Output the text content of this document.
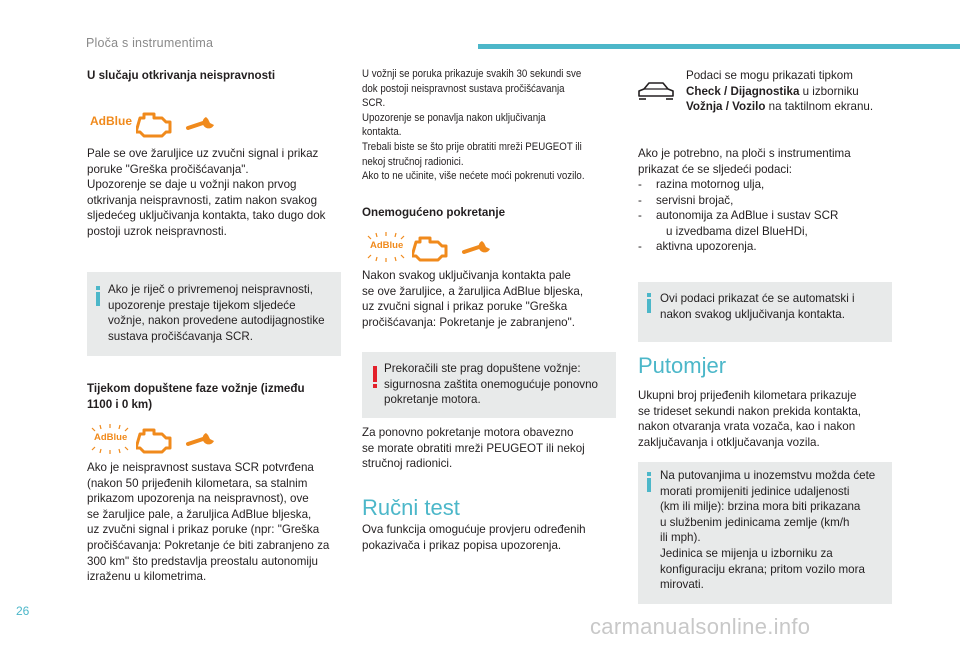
Ploča s instrumentima
U slučaju otkrivanja neispravnosti
AdBlue
Pale se ove žaruljice uz zvučni signal i prikaz
poruke "Greška pročišćavanja".
Upozorenje se daje u vožnji nakon prvog
otkrivanja neispravnosti, zatim nakon svakog
sljedećeg uključivanja kontakta, tako dugo dok
postoji uzrok neispravnosti.
Ako je riječ o privremenoj neispravnosti,
upozorenje prestaje tijekom sljedeće
vožnje, nakon provedene autodijagnostike
sustava pročišćavanja SCR.
Tijekom dopuštene faze vožnje (između
1100 i 0 km)
AdBlue
Ako je neispravnost sustava SCR potvrđena
(nakon 50 prijeđenih kilometara, sa stalnim
prikazom upozorenja na neispravnost), ove
se žaruljice pale, a žaruljica AdBlue bljeska,
uz zvučni signal i prikaz poruke (npr: "Greška
pročišćavanja: Pokretanje će biti zabranjeno za
300 km" što predstavlja preostalu autonomiju
izraženu u kilometrima.
U vožnji se poruka prikazuje svakih 30 sekundi sve
dok postoji neispravnost sustava pročišćavanja
SCR.
Upozorenje se ponavlja nakon uključivanja
kontakta.
Trebali biste se što prije obratiti mreži PEUGEOT ili
nekoj stručnoj radionici.
Ako to ne učinite, više nećete moći pokrenuti vozilo.
Onemogućeno pokretanje
AdBlue
Nakon svakog uključivanja kontakta pale
se ove žaruljice, a žaruljica AdBlue bljeska,
uz zvučni signal i prikaz poruke "Greška
pročišćavanja: Pokretanje je zabranjeno".
Prekoračili ste prag dopuštene vožnje:
sigurnosna zaštita onemogućuje ponovno
pokretanje motora.
Za ponovno pokretanje motora obavezno
se morate obratiti mreži PEUGEOT ili nekoj
stručnoj radionici.
Ručni test
Ova funkcija omogućuje provjeru određenih
pokazivača i prikaz popisa upozorenja.
Podaci se mogu prikazati tipkom
Check / Dijagnostika u izborniku
Vožnja / Vozilo na taktilnom ekranu.
Ako je potrebno, na ploči s instrumentima
prikazat će se sljedeći podaci:
- razina motornog ulja,
- servisni brojač,
- autonomija za AdBlue i sustav SCR
u izvedbama dizel BlueHDi,
- aktivna upozorenja.
Ovi podaci prikazat će se automatski i
nakon svakog uključivanja kontakta.
Putomjer
Ukupni broj prijeđenih kilometara prikazuje
se trideset sekundi nakon prekida kontakta,
nakon otvaranja vrata vozača, kao i nakon
zaključavanja i otključavanja vozila.
Na putovanjima u inozemstvu možda ćete
morati promijeniti jedinice udaljenosti
(km ili milje): brzina mora biti prikazana
u službenim jedinicama zemlje (km/h
ili mph).
Jedinica se mijenja u izborniku za
konfiguraciju ekrana; pritom vozilo mora
mirovati.
26
carmanualsonline.info
